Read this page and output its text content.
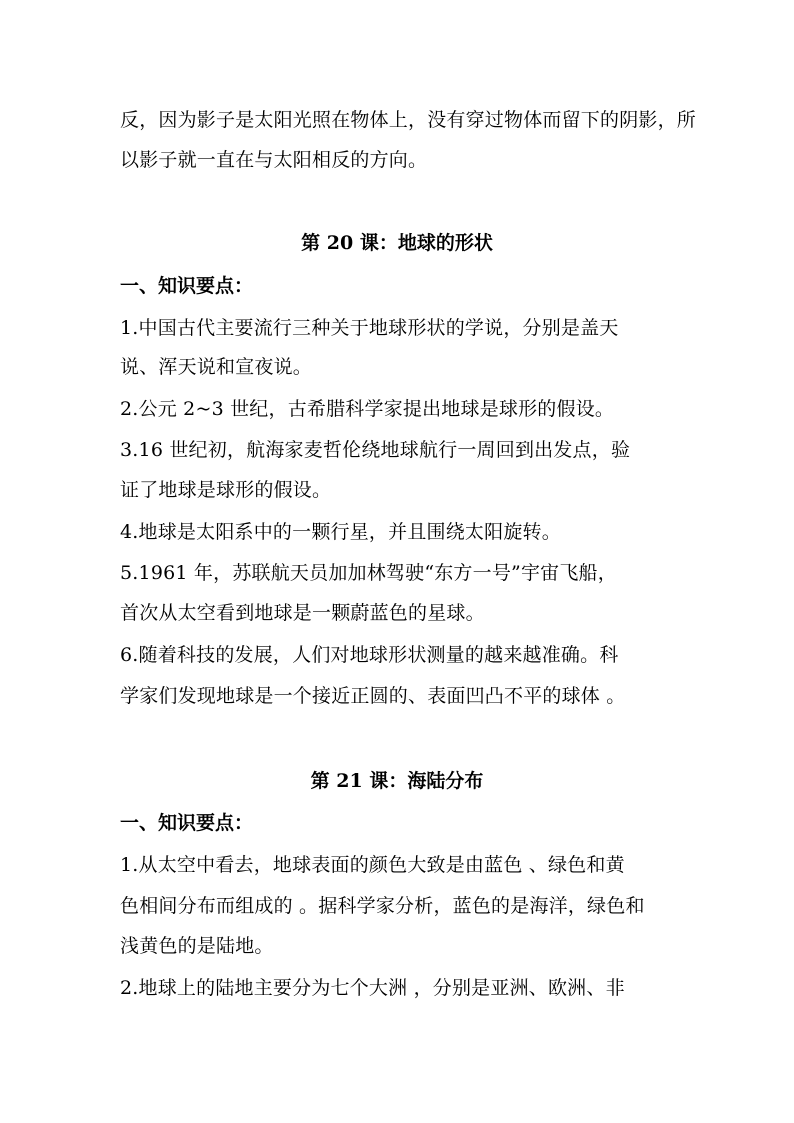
反，因为影子是太阳光照在物体上，没有穿过物体而留下的阴影，所
以影子就一直在与太阳相反的方向。
第 20 课：地球的形状
一、知识要点：
1.中国古代主要流行三种关于地球形状的学说，分别是盖天
说、浑天说和宣夜说。
2.公元 2~3 世纪，古希腊科学家提出地球是球形的假设。
3.16 世纪初，航海家麦哲伦绕地球航行一周回到出发点，验
证了地球是球形的假设。
4.地球是太阳系中的一颗行星，并且围绕太阳旋转。
5.1961 年，苏联航天员加加林驾驶“东方一号”宇宙飞船，
首次从太空看到地球是一颗蔚蓝色的星球。
6.随着科技的发展，人们对地球形状测量的越来越准确。科
学家们发现地球是一个接近正圆的、表面凹凸不平的球体 。
第 21 课：海陆分布
一、知识要点：
1.从太空中看去，地球表面的颜色大致是由蓝色 、绿色和黄
色相间分布而组成的 。据科学家分析，蓝色的是海洋，绿色和
浅黄色的是陆地。
2.地球上的陆地主要分为七个大洲 ，分别是亚洲、欧洲、非
